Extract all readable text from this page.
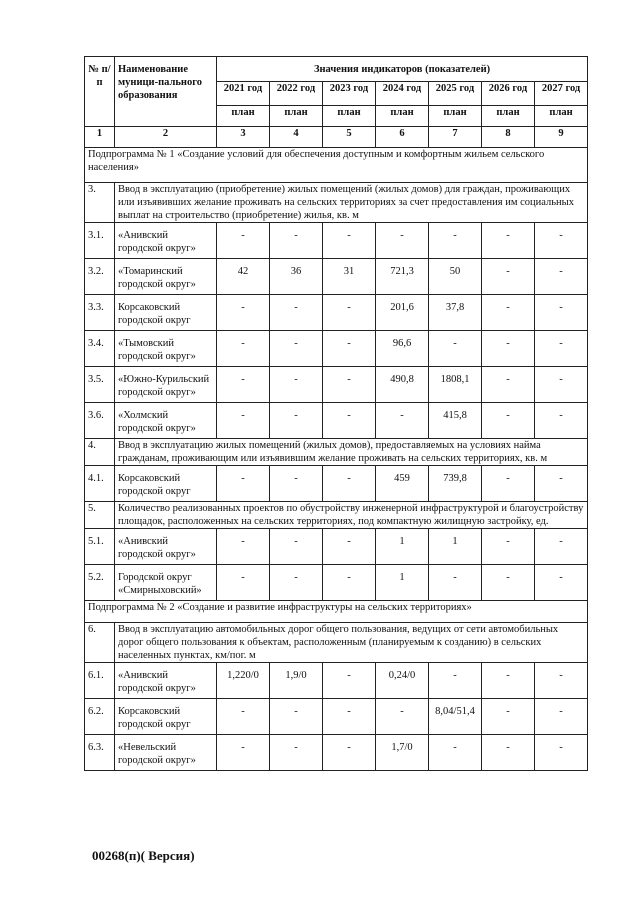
№ п/п	Наименование муници-пального образования	Значения индикаторов (показателей)						
		2021 год	2022 год	2023 год	2024 год	2025 год	2026 год	2027 год
		план	план	план	план	план	план	план
1	2	3	4	5	6	7	8	9
Подпрограмма № 1 «Создание условий для обеспечения доступным и комфортным жильем сельского населения»								
3.	Ввод в эксплуатацию (приобретение) жилых помещений (жилых домов) для граждан, проживающих или изъявивших желание проживать на сельских территориях за счет предоставления им социальных выплат на строительство (приобретение) жилья, кв. м							
3.1.	«Анивский городской округ»	-	-	-	-	-	-	-
3.2.	«Томаринский городской округ»	42	36	31	721,3	50	-	-
3.3.	Корсаковский городской округ	-	-	-	201,6	37,8	-	-
3.4.	«Тымовский городской округ»	-	-	-	96,6	-	-	-
3.5.	«Южно-Курильский городской округ»	-	-	-	490,8	1808,1	-	-
3.6.	«Холмский городской округ»	-	-	-	-	415,8	-	-
4.	Ввод в эксплуатацию жилых помещений (жилых домов), предоставляемых на условиях найма гражданам, проживающим или изъявившим желание проживать на сельских территориях, кв. м							
4.1.	Корсаковский городской округ	-	-	-	459	739,8	-	-
5.	Количество реализованных проектов по обустройству инженерной инфраструктурой и благоустройству площадок, расположенных на сельских территориях, под компактную жилищную застройку, ед.							
5.1.	«Анивский городской округ»	-	-	-	1	1	-	-
5.2.	Городской округ «Смирныховский»	-	-	-	1	-	-	-
Подпрограмма № 2 «Создание и развитие инфраструктуры на сельских территориях»								
6.	Ввод в эксплуатацию автомобильных дорог общего пользования, ведущих от сети автомобильных дорог общего пользования к объектам, расположенным (планируемым к созданию) в сельских населенных пунктах, км/пог. м							
6.1.	«Анивский городской округ»	1,220/0	1,9/0	-	0,24/0	-	-	-
6.2.	Корсаковский городской округ	-	-	-	-	8,04/51,4	-	-
6.3.	«Невельский городской округ»	-	-	-	1,7/0	-	-	-
00268(п)( Версия)
